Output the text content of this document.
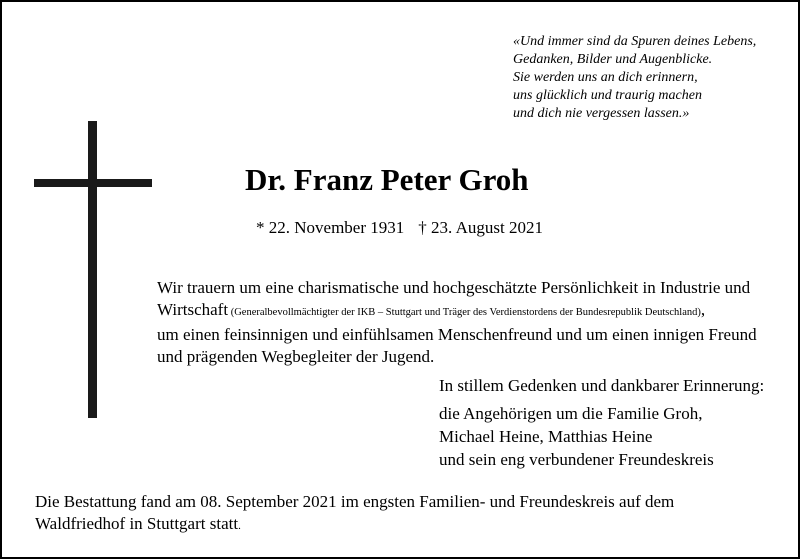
«Und immer sind da Spuren deines Lebens,
Gedanken, Bilder und Augenblicke.
Sie werden uns an dich erinnern,
uns glücklich und traurig machen
und dich nie vergessen lassen.»
Dr. Franz Peter Groh
* 22. November 1931 † 23. August 2021
Wir trauern um eine charismatische und hochgeschätzte Persönlichkeit in Industrie und
Wirtschaft (Generalbevollmächtigter der IKB – Stuttgart und Träger des Verdienstordens der Bundesrepublik Deutschland),
um einen feinsinnigen und einfühlsamen Menschenfreund und um einen innigen Freund
und prägenden Wegbegleiter der Jugend.
In stillem Gedenken und dankbarer Erinnerung:
die Angehörigen um die Familie Groh,
Michael Heine, Matthias Heine
und sein eng verbundener Freundeskreis
Die Bestattung fand am 08. September 2021 im engsten Familien- und Freundeskreis auf dem
Waldfriedhof in Stuttgart statt.
